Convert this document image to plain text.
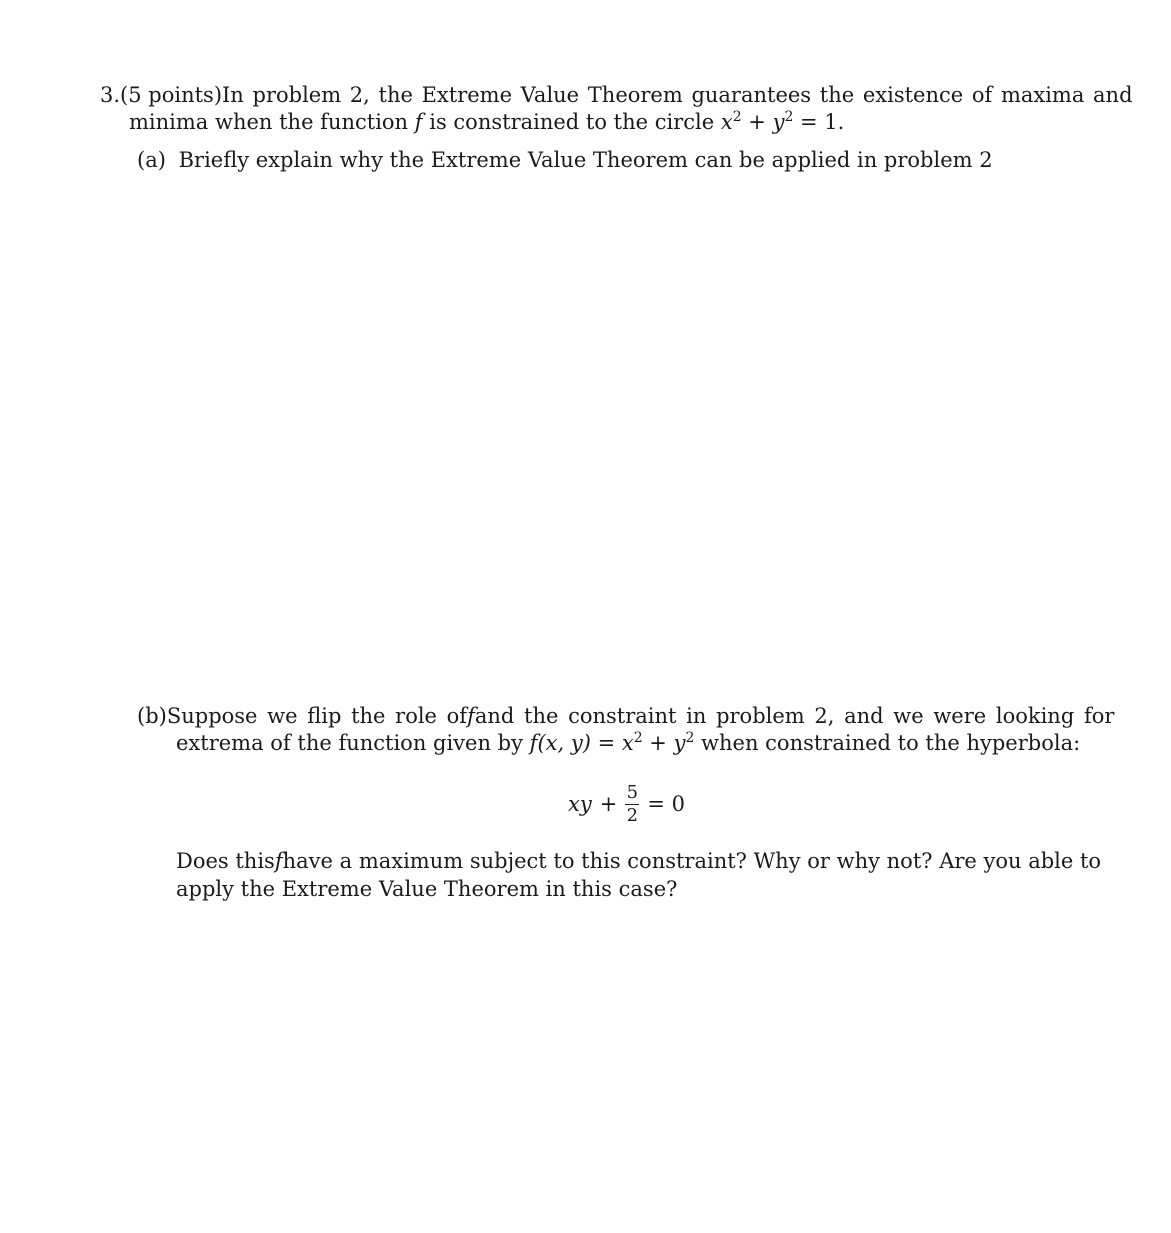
3. (5 points) In problem 2, the Extreme Value Theorem guarantees the existence of maxima and
minima when the function f is constrained to the circle $x^2 + y^2 = 1$.
(a) Briefly explain why the Extreme Value Theorem can be applied in problem 2
(b) Suppose we flip the role of f and the constraint in problem 2, and we were looking for
extrema of the function given by f(x, $y) = x^2 + y^2$ when constrained to the hyperbola:
xy + $\frac{5}{2} = 0$
Does this f have a maximum subject to this constraint? Why or why not? Are you able to
apply the Extreme Value Theorem in this case?
